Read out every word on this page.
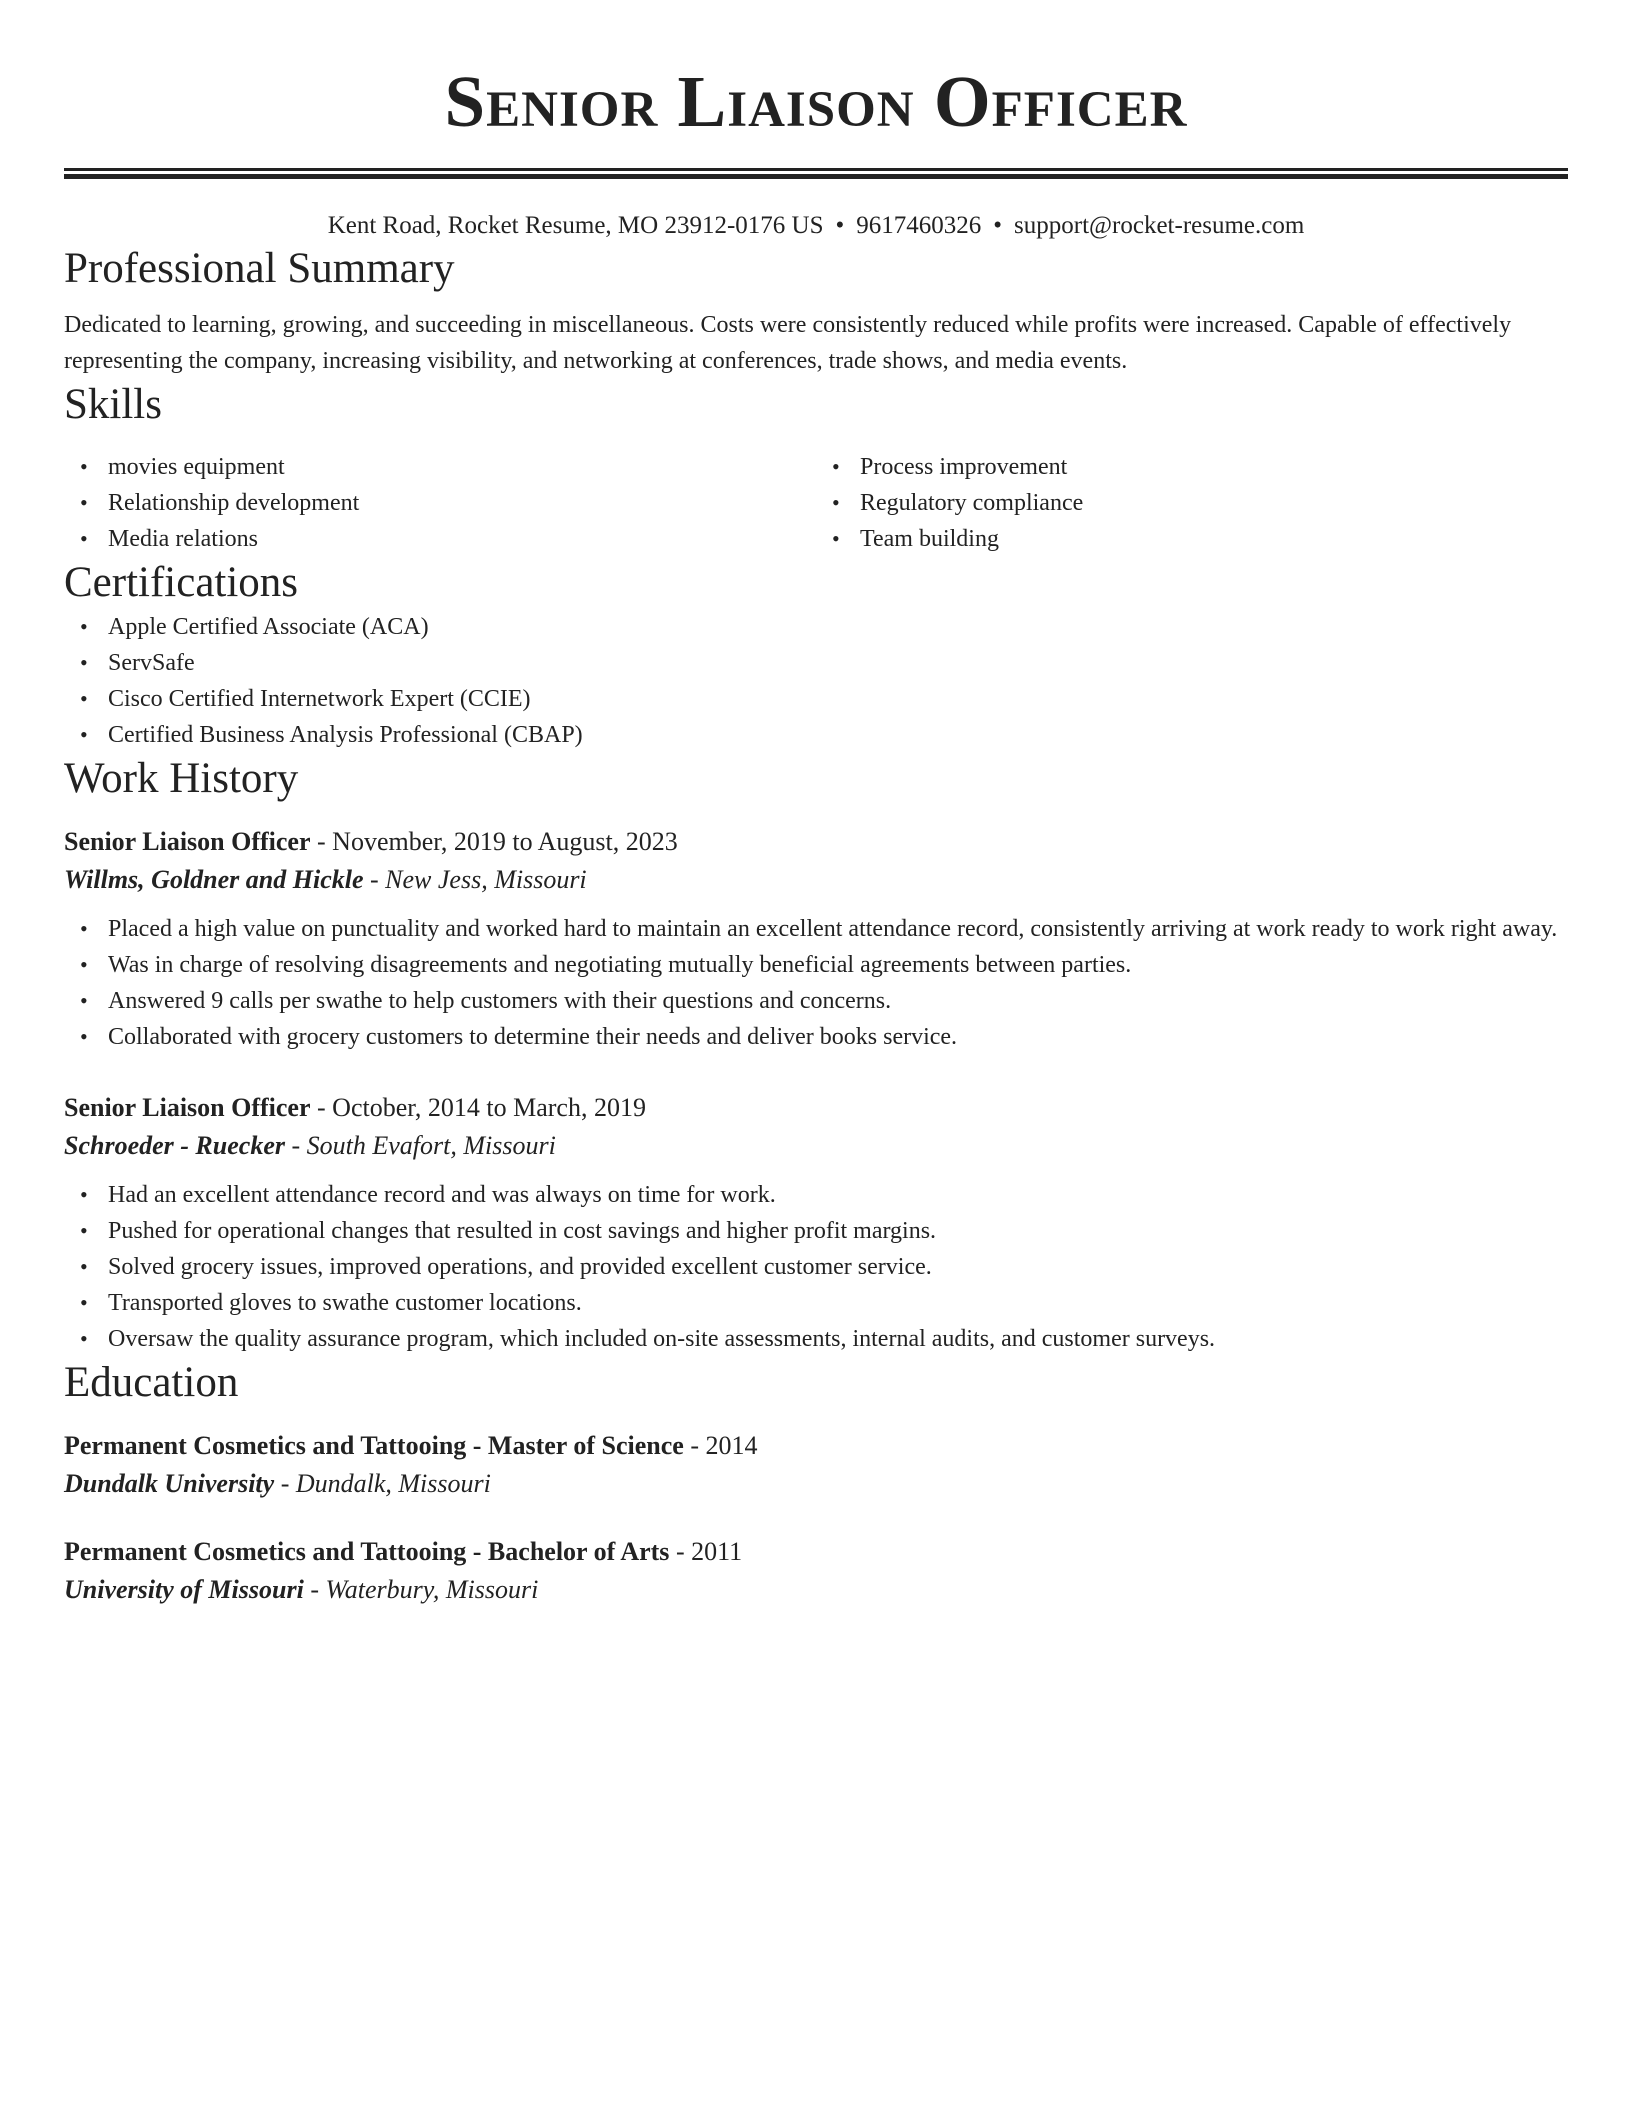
Senior Liaison Officer
Kent Road, Rocket Resume, MO 23912-0176 US • 9617460326 • support@rocket-resume.com
Professional Summary

Dedicated to learning, growing, and succeeding in miscellaneous. Costs were consistently reduced while profits were increased. Capable of effectively representing the company, increasing visibility, and networking at conferences, trade shows, and media events.

Skills
• movies equipment
• Relationship development
• Media relations
• Process improvement
• Regulatory compliance
• Team building
Certifications
• Apple Certified Associate (ACA)
• ServSafe
• Cisco Certified Internetwork Expert (CCIE)
• Certified Business Analysis Professional (CBAP)
Work History
Senior Liaison Officer - November, 2019 to August, 2023
Willms, Goldner and Hickle - New Jess, Missouri
• Placed a high value on punctuality and worked hard to maintain an excellent attendance record, consistently arriving at work ready to work right away.
• Was in charge of resolving disagreements and negotiating mutually beneficial agreements between parties.
• Answered 9 calls per swathe to help customers with their questions and concerns.
• Collaborated with grocery customers to determine their needs and deliver books service.
Senior Liaison Officer - October, 2014 to March, 2019
Schroeder - Ruecker - South Evafort, Missouri
• Had an excellent attendance record and was always on time for work.
• Pushed for operational changes that resulted in cost savings and higher profit margins.
• Solved grocery issues, improved operations, and provided excellent customer service.
• Transported gloves to swathe customer locations.
• Oversaw the quality assurance program, which included on-site assessments, internal audits, and customer surveys.
Education
Permanent Cosmetics and Tattooing - Master of Science - 2014
Dundalk University - Dundalk, Missouri
Permanent Cosmetics and Tattooing - Bachelor of Arts - 2011
University of Missouri - Waterbury, Missouri
